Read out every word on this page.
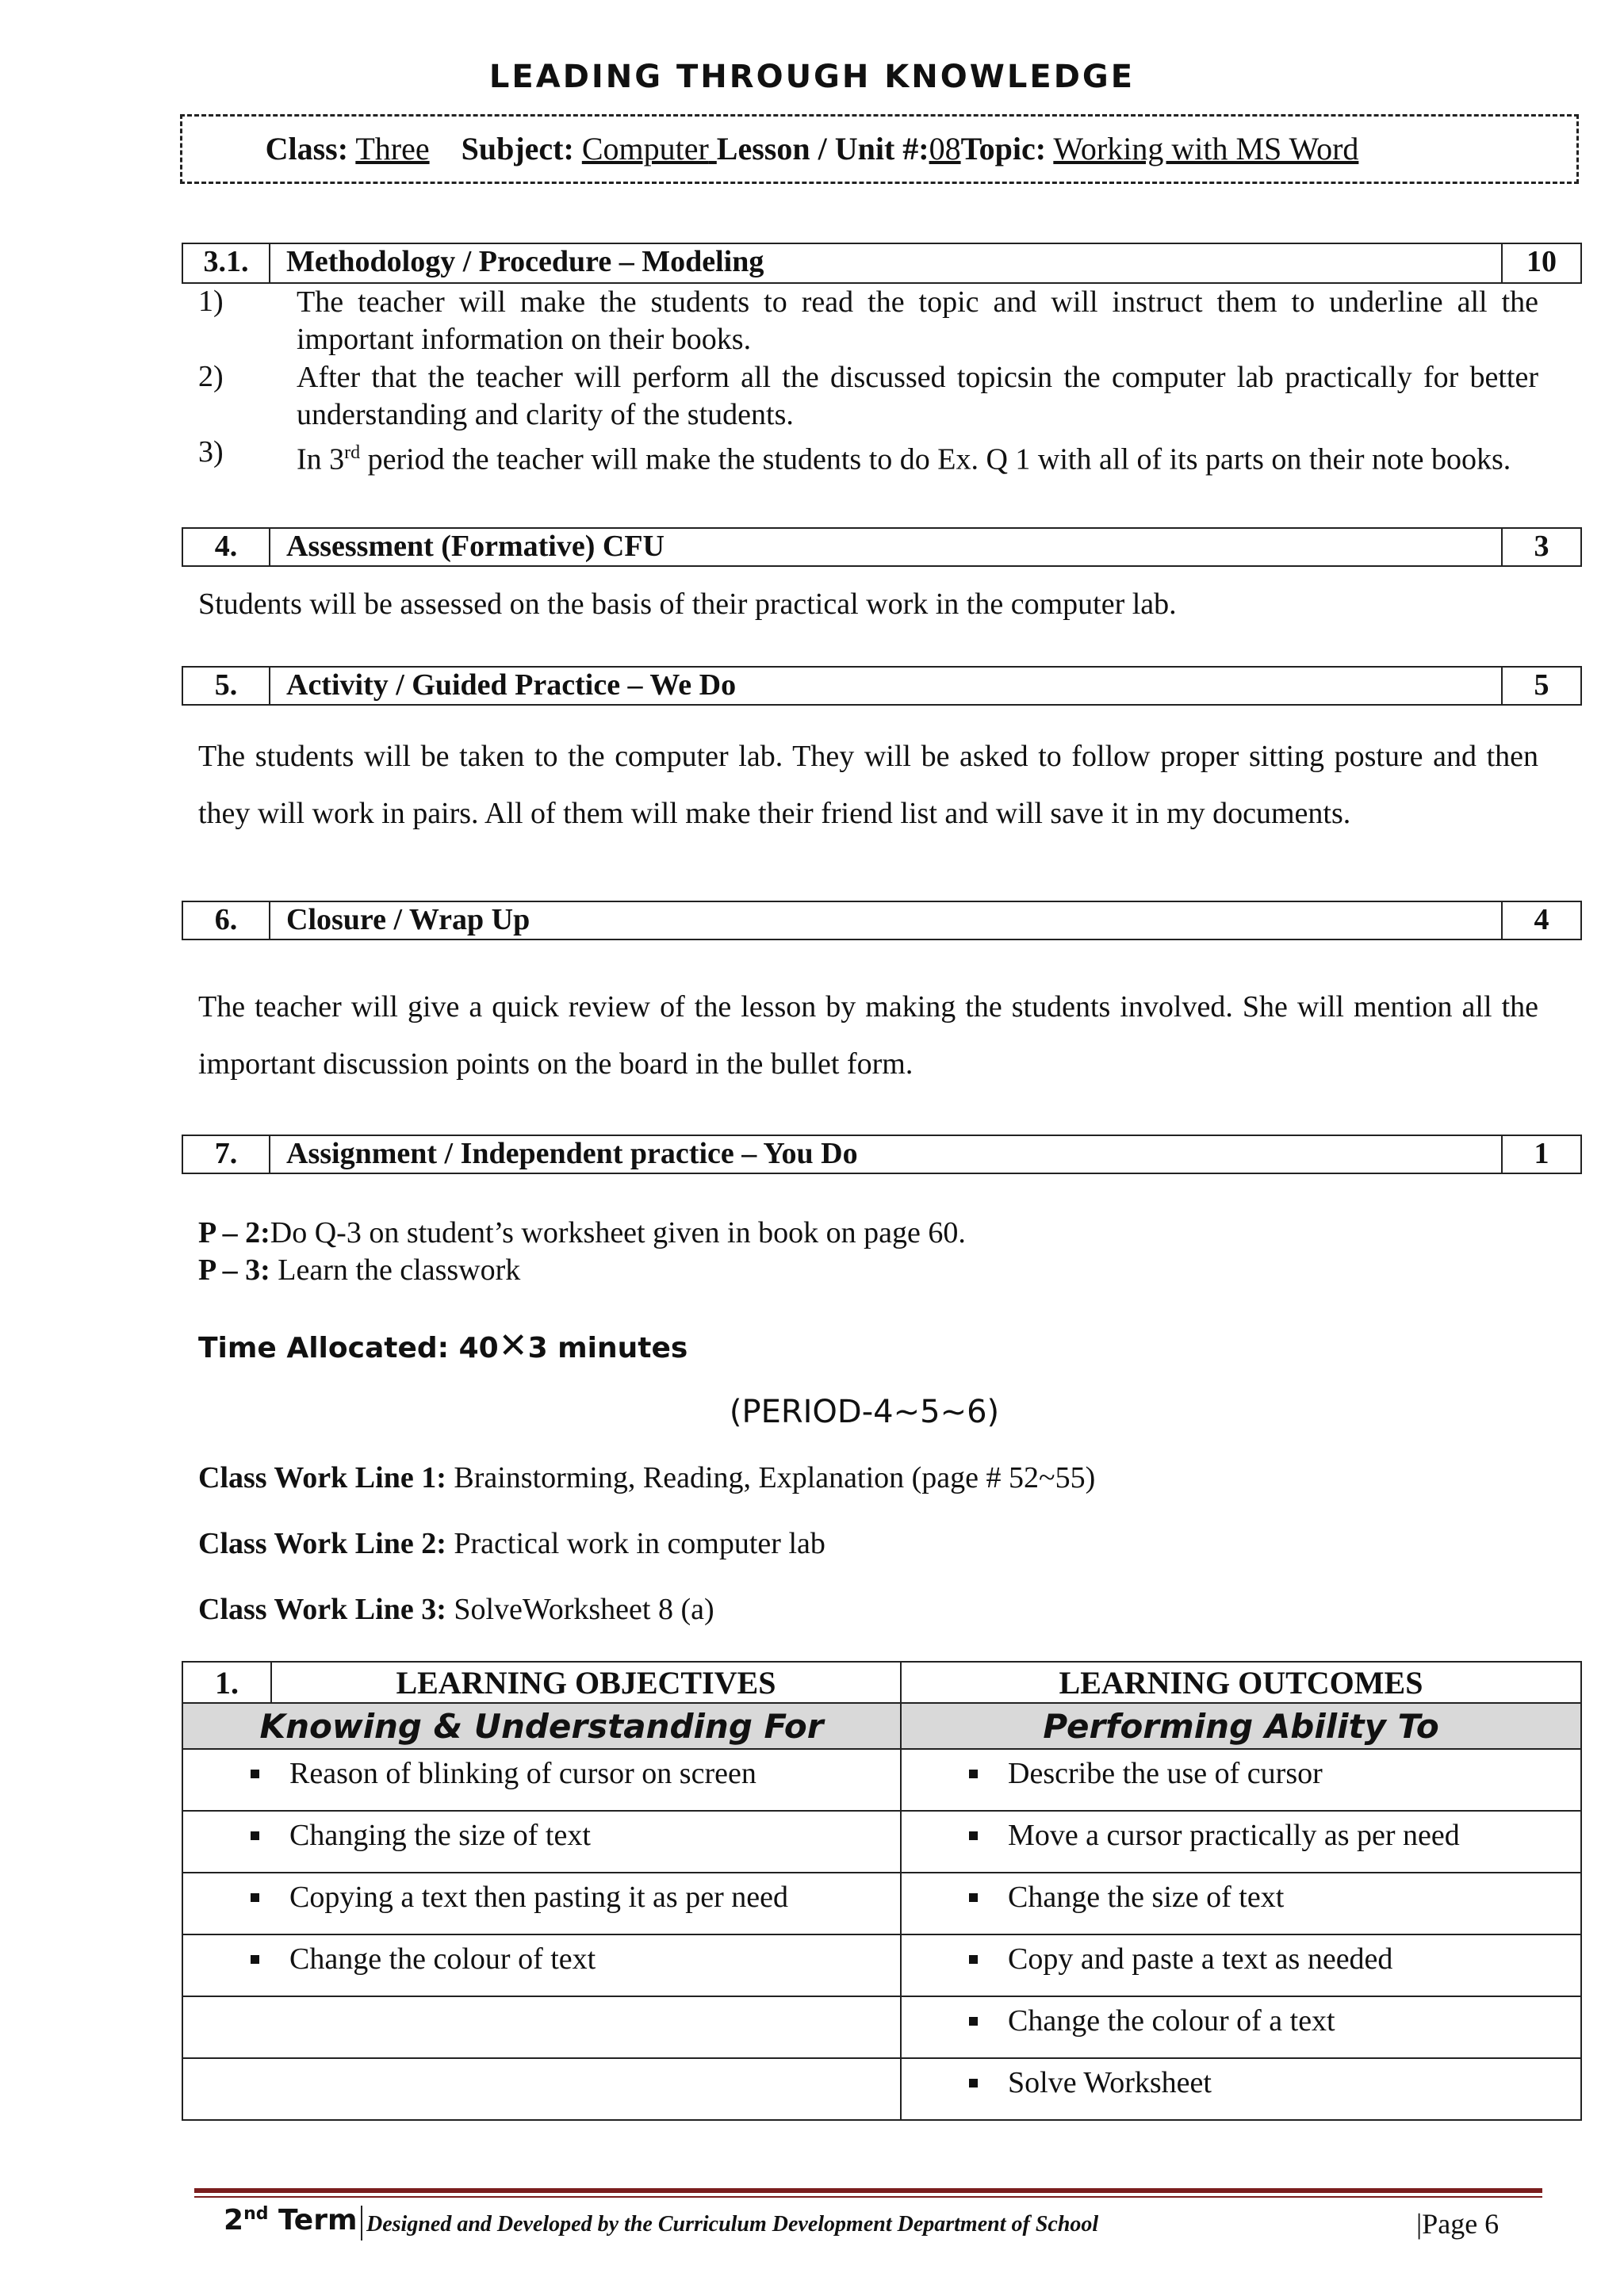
LEADING THROUGH KNOWLEDGE
Class: Three Subject: Computer Lesson / Unit #:08Topic: Working with MS Word
3.1.	Methodology / Procedure – Modeling	10
1) The teacher will make the students to read the topic and will instruct them to underline all the important information on their books.
2) After that the teacher will perform all the discussed topicsin the computer lab practically for better understanding and clarity of the students.
3) In 3rd period the teacher will make the students to do Ex. Q 1 with all of its parts on their note books.
4.	Assessment (Formative) CFU	3
Students will be assessed on the basis of their practical work in the computer lab.
5.	Activity / Guided Practice – We Do	5
The students will be taken to the computer lab. They will be asked to follow proper sitting posture and then they will work in pairs. All of them will make their friend list and will save it in my documents.
6.	Closure / Wrap Up	4
The teacher will give a quick review of the lesson by making the students involved. She will mention all the important discussion points on the board in the bullet form.
7.	Assignment / Independent practice – You Do	1
P – 2:Do Q-3 on student’s worksheet given in book on page 60.
P – 3: Learn the classwork
Time Allocated: 40✕3 minutes
(PERIOD-4~5~6)
Class Work Line 1: Brainstorming, Reading, Explanation (page # 52~55)
Class Work Line 2: Practical work in computer lab
Class Work Line 3: SolveWorksheet 8 (a)
1.	LEARNING OBJECTIVES	LEARNING OUTCOMES
Knowing & Understanding For		Performing Ability To
Reason of blinking of cursor on screen		Describe the use of cursor
Changing the size of text		Move a cursor practically as per need
Copying a text then pasting it as per need		Change the size of text
Change the colour of text		Copy and paste a text as needed
		Change the colour of a text
		Solve Worksheet
2nd Term Designed and Developed by the Curriculum Development Department of School	|Page 6
